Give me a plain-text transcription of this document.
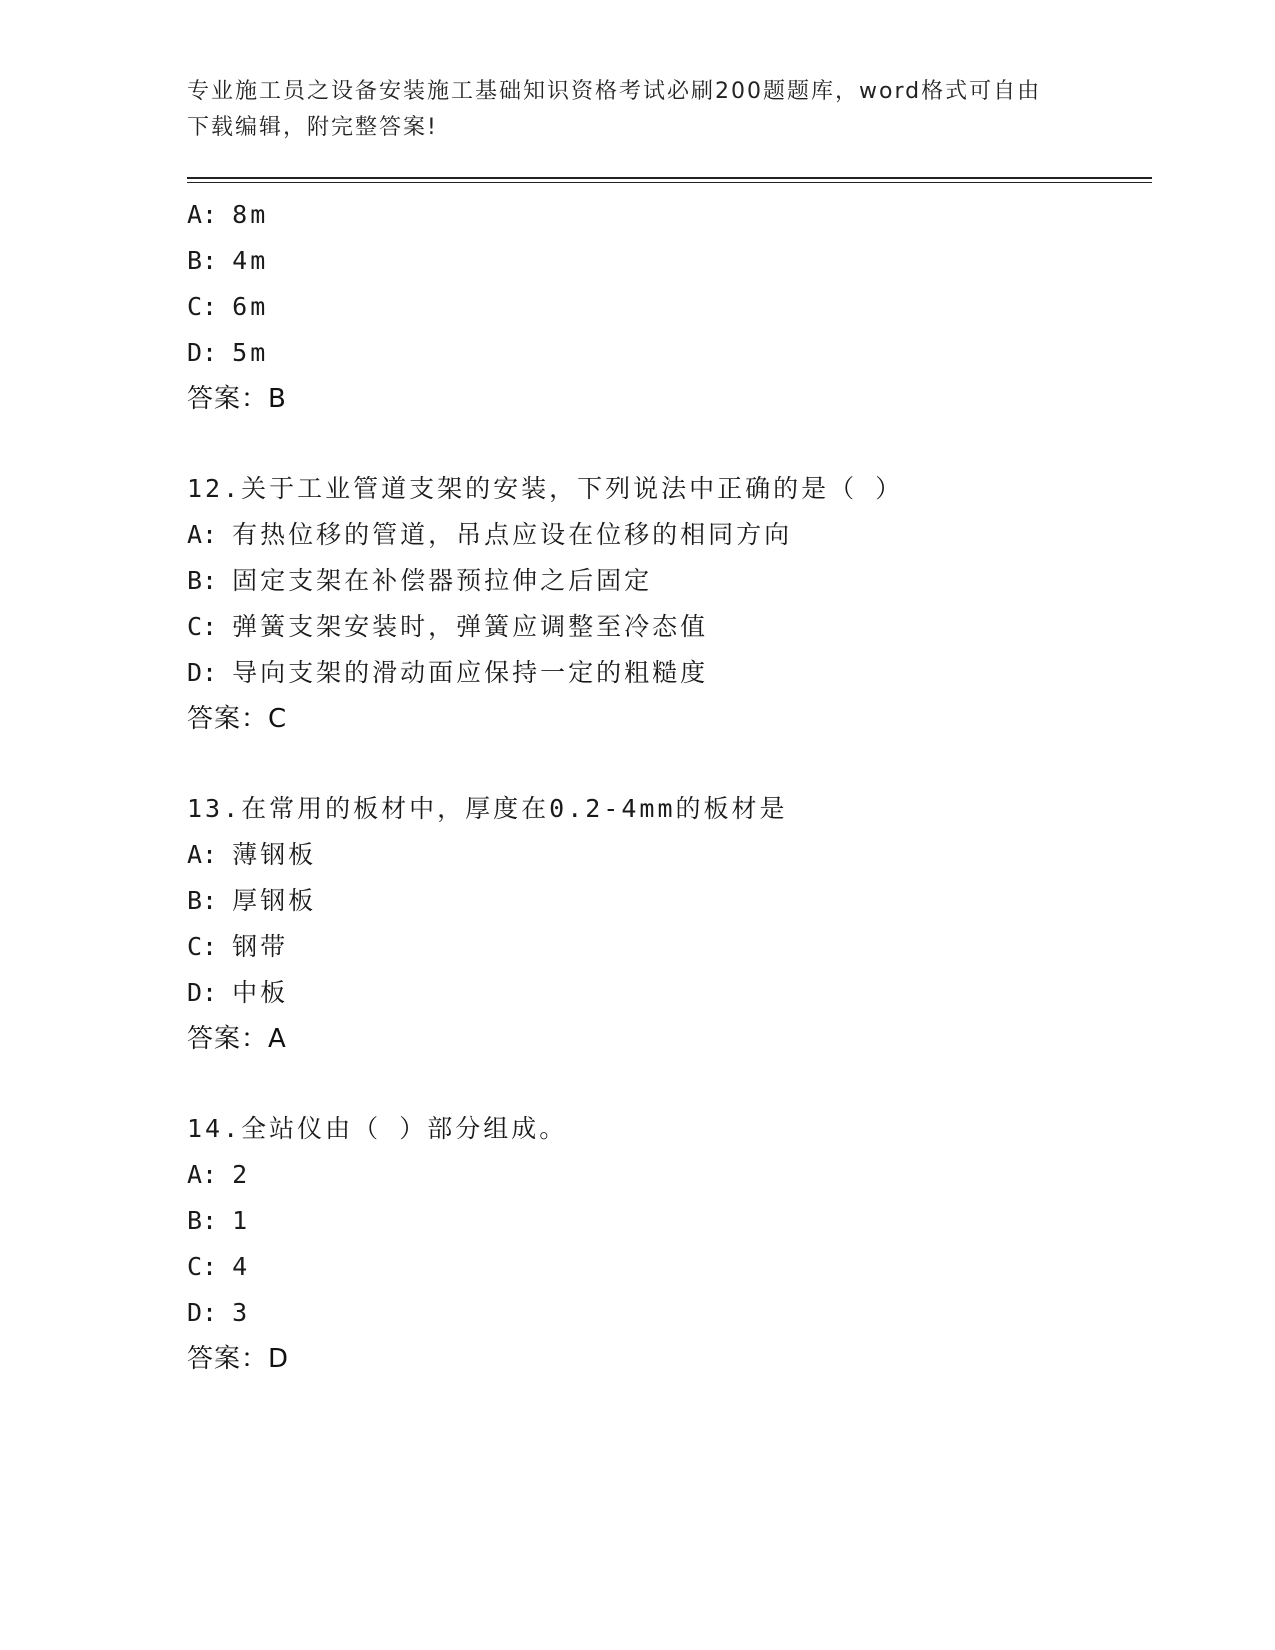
专业施工员之设备安装施工基础知识资格考试必刷200题题库，word格式可自由
下载编辑，附完整答案!
A: 8m
B: 4m
C: 6m
D: 5m
答案：B
12.关于工业管道支架的安装，下列说法中正确的是（ ）
A: 有热位移的管道，吊点应设在位移的相同方向
B: 固定支架在补偿器预拉伸之后固定
C: 弹簧支架安装时，弹簧应调整至冷态值
D: 导向支架的滑动面应保持一定的粗糙度
答案：C
13.在常用的板材中，厚度在0.2-4mm的板材是
A: 薄钢板
B: 厚钢板
C: 钢带
D: 中板
答案：A
14.全站仪由（ ）部分组成。
A: 2
B: 1
C: 4
D: 3
答案：D
